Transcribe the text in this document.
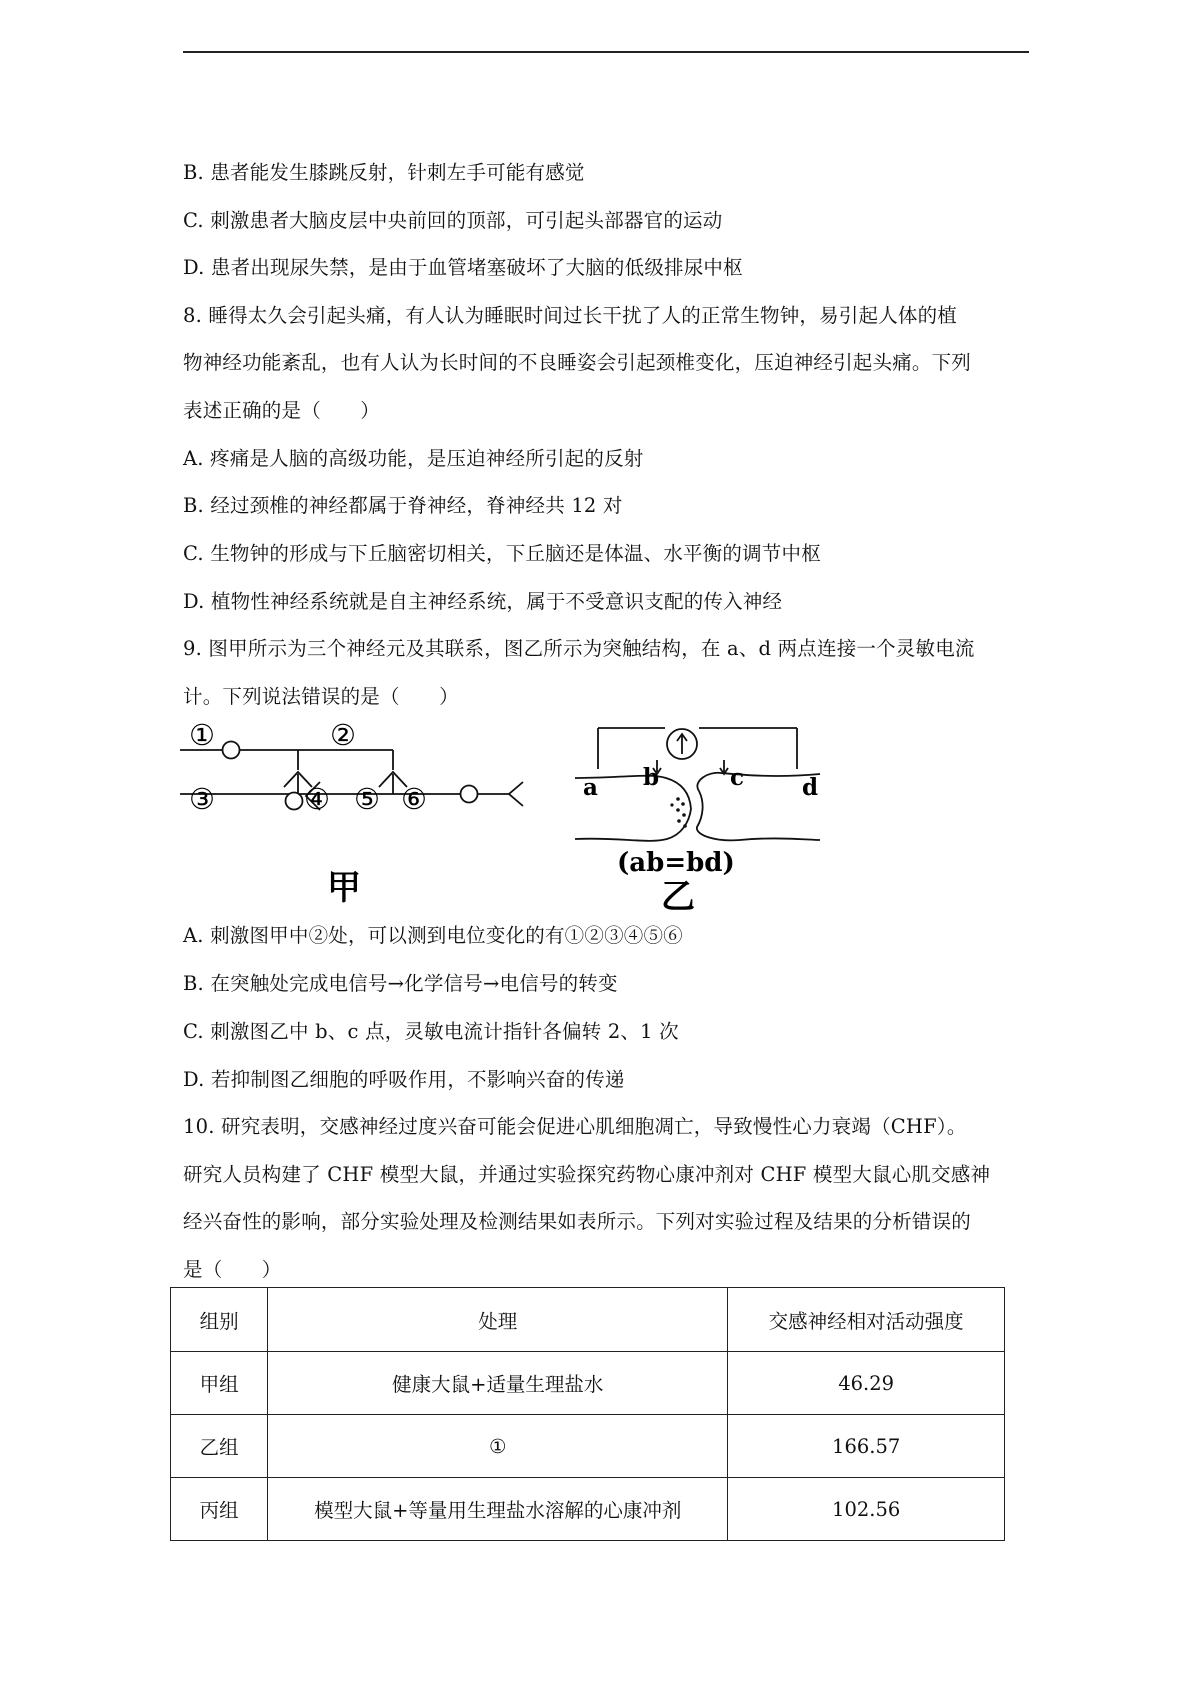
B. 患者能发生膝跳反射，针刺左手可能有感觉
C. 刺激患者大脑皮层中央前回的顶部，可引起头部器官的运动
D. 患者出现尿失禁，是由于血管堵塞破坏了大脑的低级排尿中枢
8. 睡得太久会引起头痛，有人认为睡眠时间过长干扰了人的正常生物钟，易引起人体的植
物神经功能紊乱，也有人认为长时间的不良睡姿会引起颈椎变化，压迫神经引起头痛。下列
表述正确的是（　　）
A. 疼痛是人脑的高级功能，是压迫神经所引起的反射
B. 经过颈椎的神经都属于脊神经，脊神经共 12 对
C. 生物钟的形成与下丘脑密切相关，下丘脑还是体温、水平衡的调节中枢
D. 植物性神经系统就是自主神经系统，属于不受意识支配的传入神经
9. 图甲所示为三个神经元及其联系，图乙所示为突触结构，在 a、d 两点连接一个灵敏电流
计。下列说法错误的是（　　）
①	②
③	④ ⑤ ⑥
甲
a b	c	d
(ab=bd)
乙
A. 刺激图甲中②处，可以测到电位变化的有①②③④⑤⑥
B. 在突触处完成电信号→化学信号→电信号的转变
C. 刺激图乙中 b、c 点，灵敏电流计指针各偏转 2、1 次
D. 若抑制图乙细胞的呼吸作用，不影响兴奋的传递
10. 研究表明，交感神经过度兴奋可能会促进心肌细胞凋亡，导致慢性心力衰竭（CHF）。
研究人员构建了 CHF 模型大鼠，并通过实验探究药物心康冲剂对 CHF 模型大鼠心肌交感神
经兴奋性的影响，部分实验处理及检测结果如表所示。下列对实验过程及结果的分析错误的
是（　　）
组别	处理	交感神经相对活动强度
甲组	健康大鼠+适量生理盐水	46.29
乙组	①	166.57
丙组	模型大鼠+等量用生理盐水溶解的心康冲剂	102.56
